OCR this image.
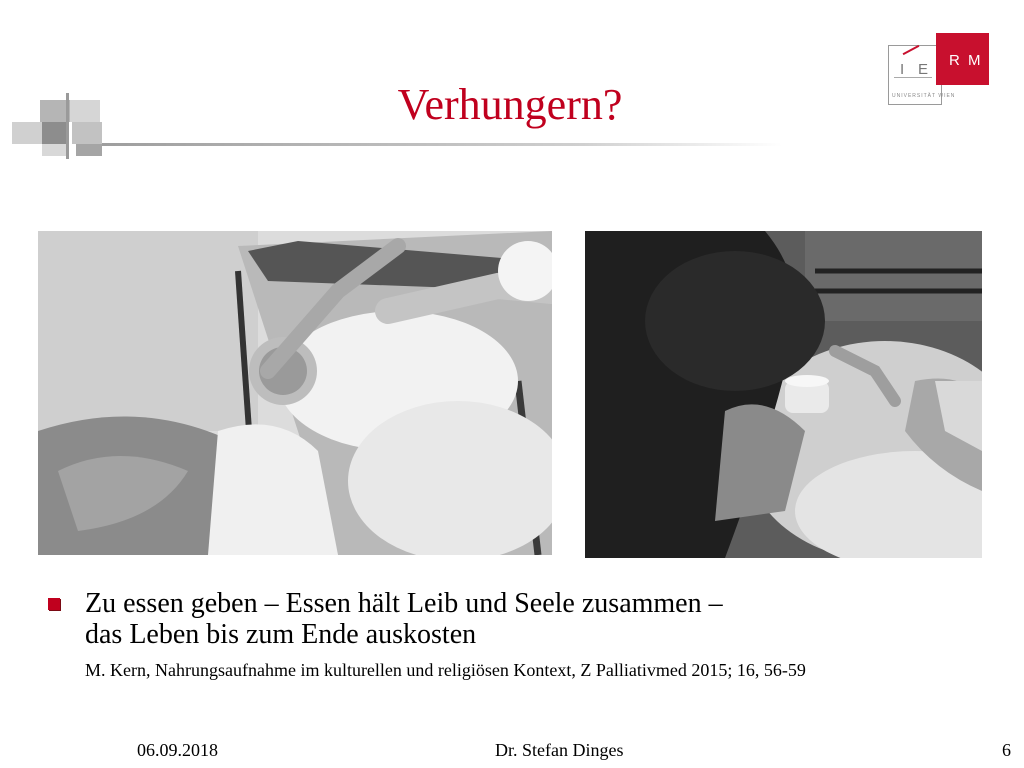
Verhungern?
I E
R M
UNIVERSITÄT WIEN
Zu essen geben – Essen hält Leib und Seele zusammen –
das Leben bis zum Ende auskosten
M. Kern, Nahrungsaufnahme im kulturellen und religiösen Kontext, Z Palliativmed 2015; 16, 56-59
06.09.2018	Dr. Stefan Dinges	6
